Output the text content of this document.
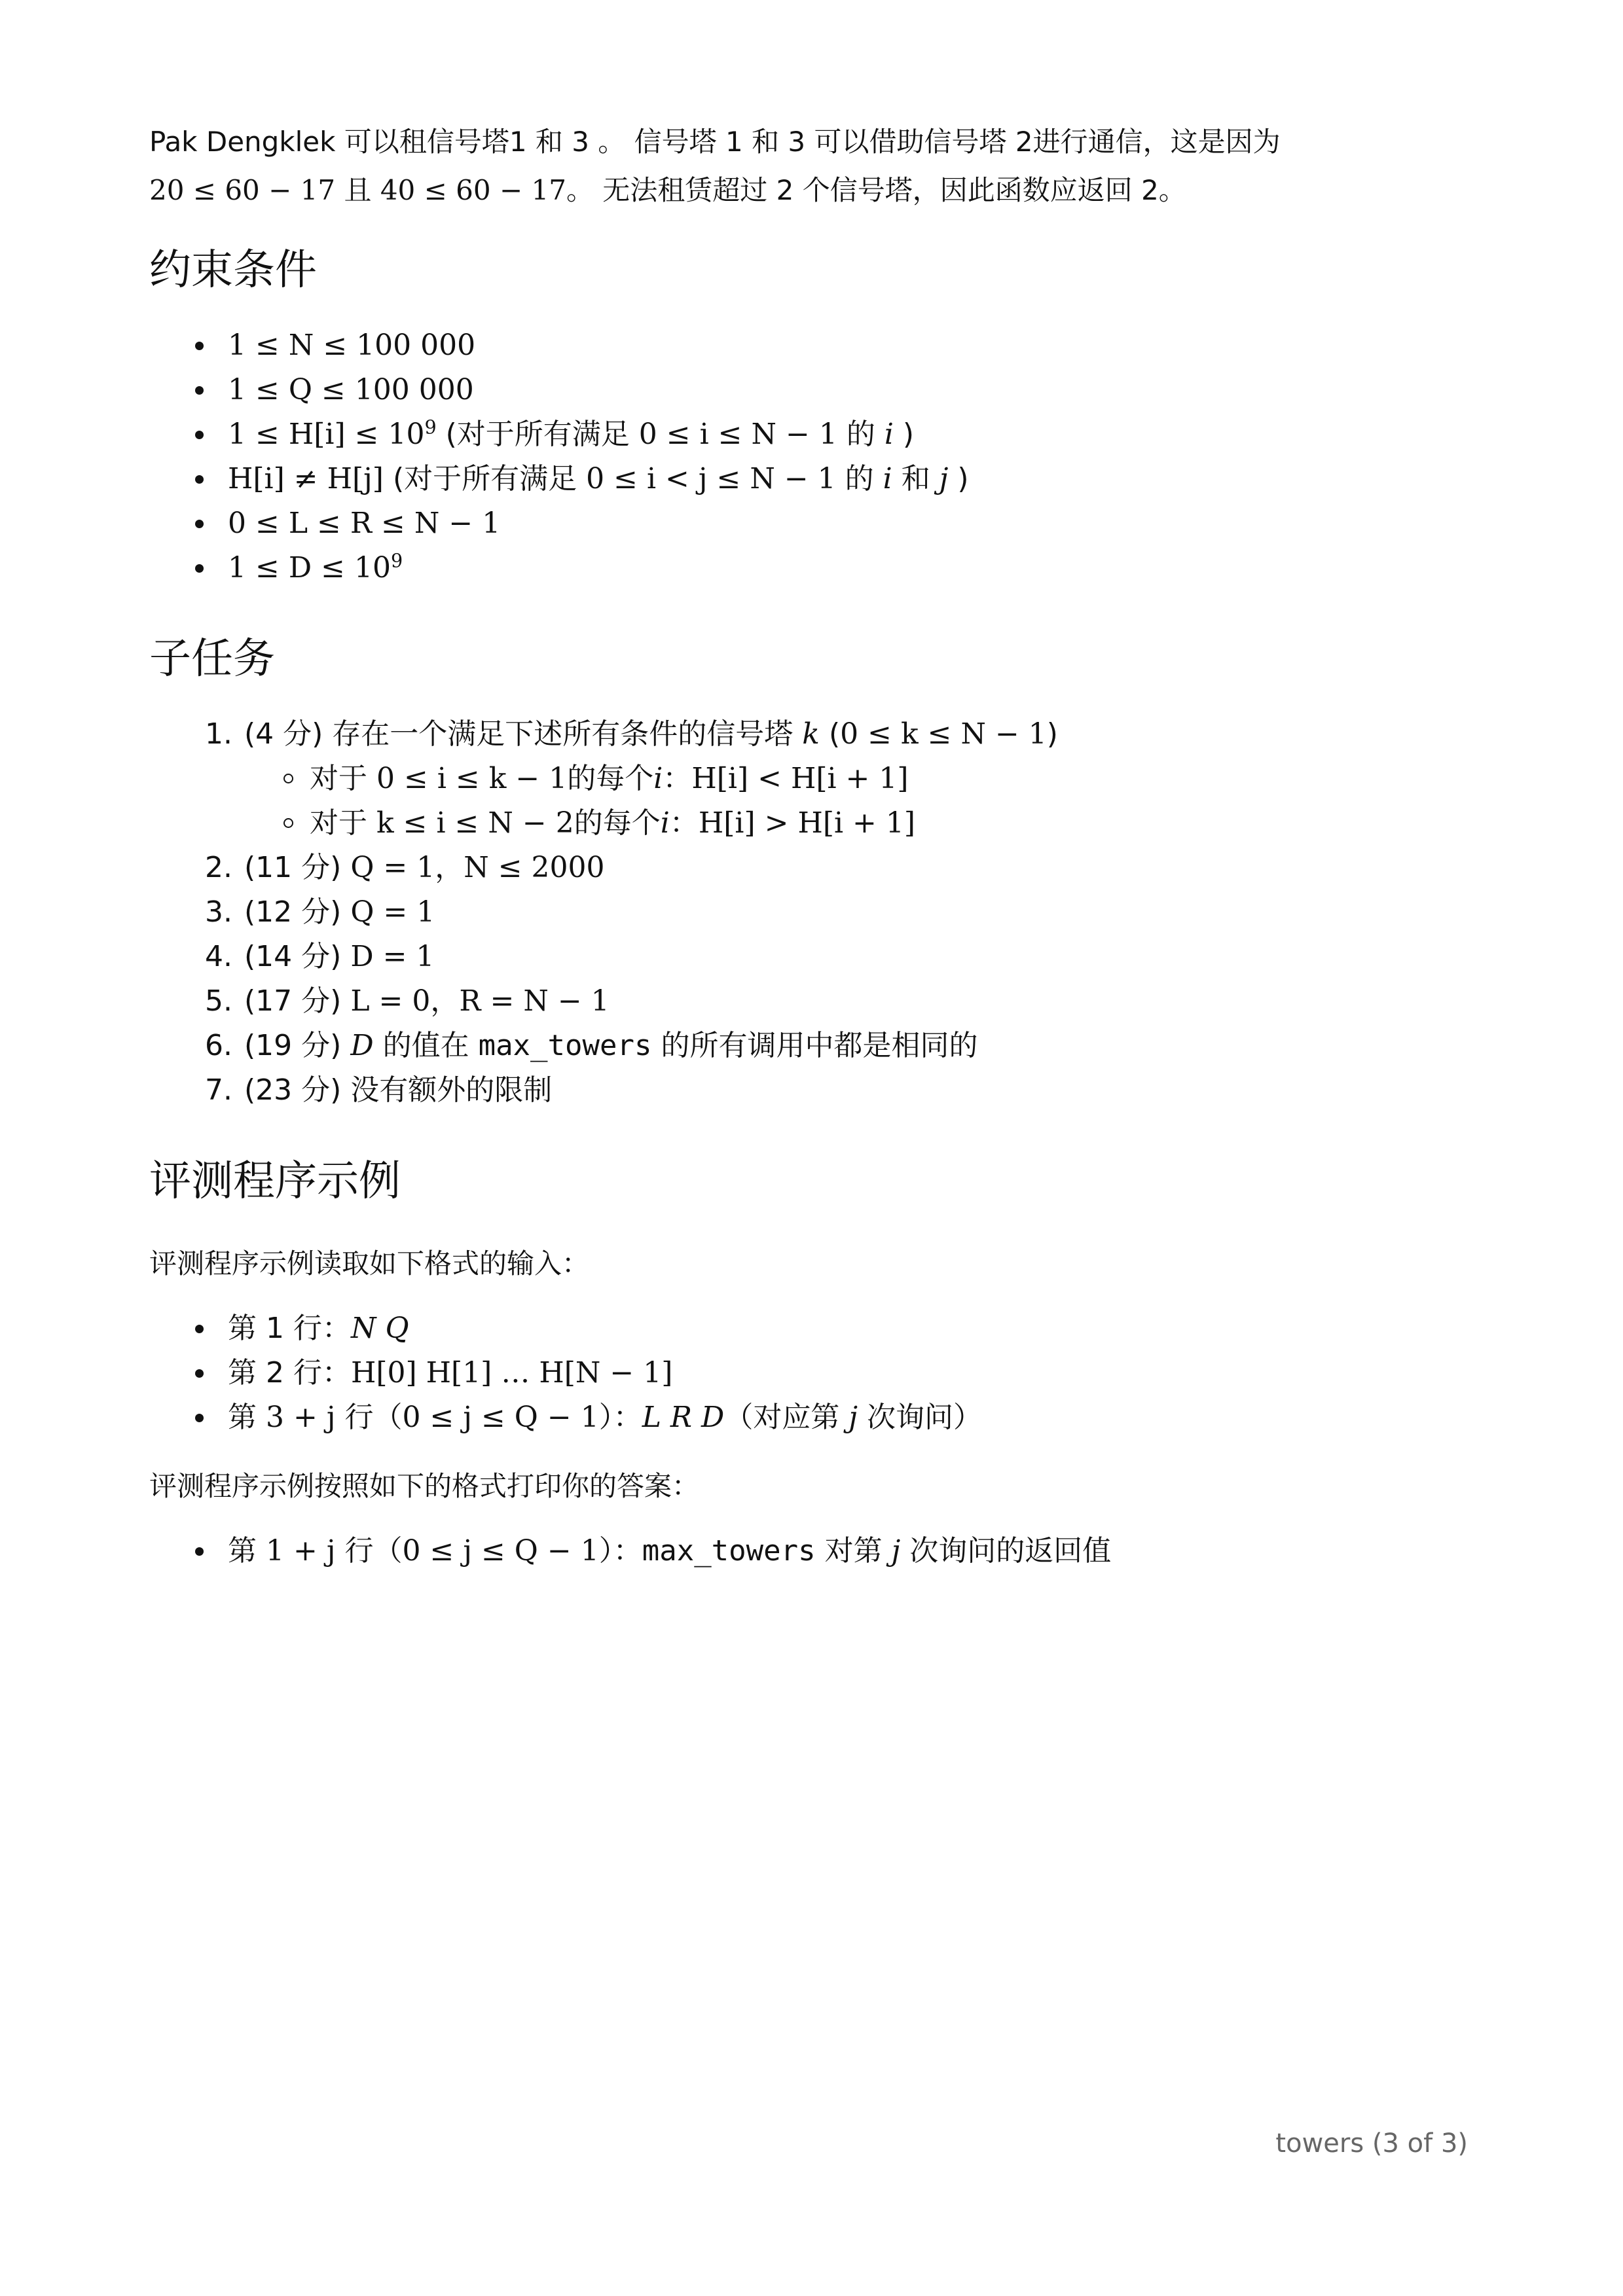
Pak Dengklek 可以租信号塔1 和 3 。 信号塔 1 和 3 可以借助信号塔 2进行通信，这是因为
20 ≤ 60 − 17 且 40 ≤ 60 − 17。 无法租赁超过 2 个信号塔，因此函数应返回 2。

约束条件
1 ≤ N ≤ 100 000
1 ≤ Q ≤ 100 000
$1 \le H[i] \le 10^9$ (对于所有满足 0 ≤ i ≤ N − 1 的 i )
H[i] ≠ H[j] (对于所有满足 0 ≤ i < j ≤ N − 1 的 i 和 j )
0 ≤ L ≤ R ≤ N − 1
$1 \le D \le 10^9$
子任务
1. (4 分) 存在一个满足下述所有条件的信号塔 k (0 ≤ k ≤ N − 1)
对于 0 ≤ i ≤ k − 1的每个i：H[i] < H[i + 1]
对于 k ≤ i ≤ N − 2的每个i：H[i] > H[i + 1]
2. (11 分) Q = 1，N ≤ 2000
3. (12 分) Q = 1
4. (14 分) D = 1
5. (17 分) L = 0，R = N − 1
6. (19 分) D 的值在 max_towers 的所有调用中都是相同的
7. (23 分) 没有额外的限制
评测程序示例

评测程序示例读取如下格式的输入：

第 1 行：N Q
第 2 行：H[0] H[1] … H[N − 1]
第 3 + j 行（0 ≤ j ≤ Q − 1）：L R D（对应第 j 次询问）

评测程序示例按照如下的格式打印你的答案：

第 1 + j 行（0 ≤ j ≤ Q − 1）：max_towers 对第 j 次询问的返回值
towers (3 of 3)
